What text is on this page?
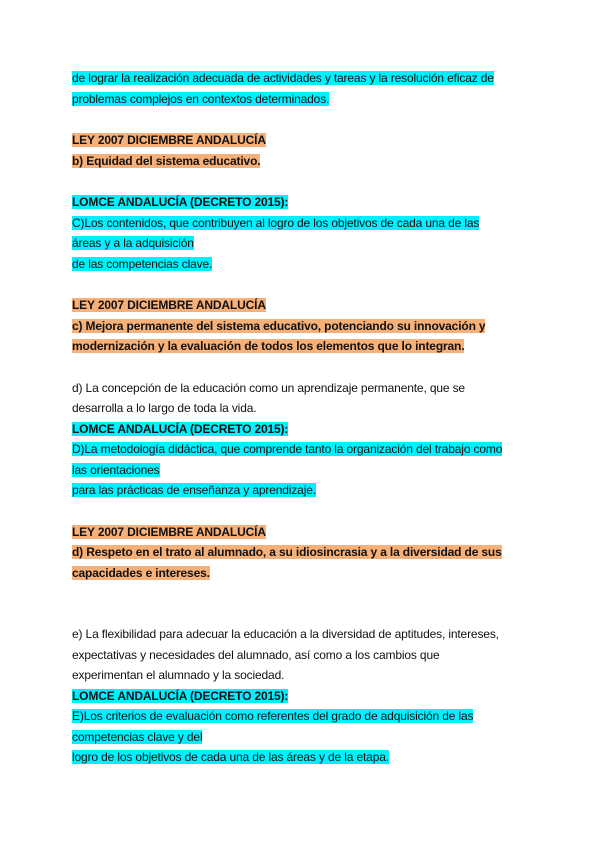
de lograr la realización adecuada de actividades y tareas y la resolución eficaz de
problemas complejos en contextos determinados.
LEY 2007 DICIEMBRE ANDALUCÍA
b) Equidad del sistema educativo.
LOMCE ANDALUCÍA (DECRETO 2015):
C)Los contenidos, que contribuyen al logro de los objetivos de cada una de las
áreas y a la adquisición
de las competencias clave.
LEY 2007 DICIEMBRE ANDALUCÍA
c) Mejora permanente del sistema educativo, potenciando su innovación y
modernización y la evaluación de todos los elementos que lo integran.
d) La concepción de la educación como un aprendizaje permanente, que se
desarrolla a lo largo de toda la vida.
LOMCE ANDALUCÍA (DECRETO 2015):
D)La metodología didáctica, que comprende tanto la organización del trabajo como
las orientaciones
para las prácticas de enseñanza y aprendizaje.
LEY 2007 DICIEMBRE ANDALUCÍA
d) Respeto en el trato al alumnado, a su idiosincrasia y a la diversidad de sus
capacidades e intereses.
e) La flexibilidad para adecuar la educación a la diversidad de aptitudes, intereses,
expectativas y necesidades del alumnado, así como a los cambios que
experimentan el alumnado y la sociedad.
LOMCE ANDALUCÍA (DECRETO 2015):
E)Los criterios de evaluación como referentes del grado de adquisición de las
competencias clave y del
logro de los objetivos de cada una de las áreas y de la etapa.
